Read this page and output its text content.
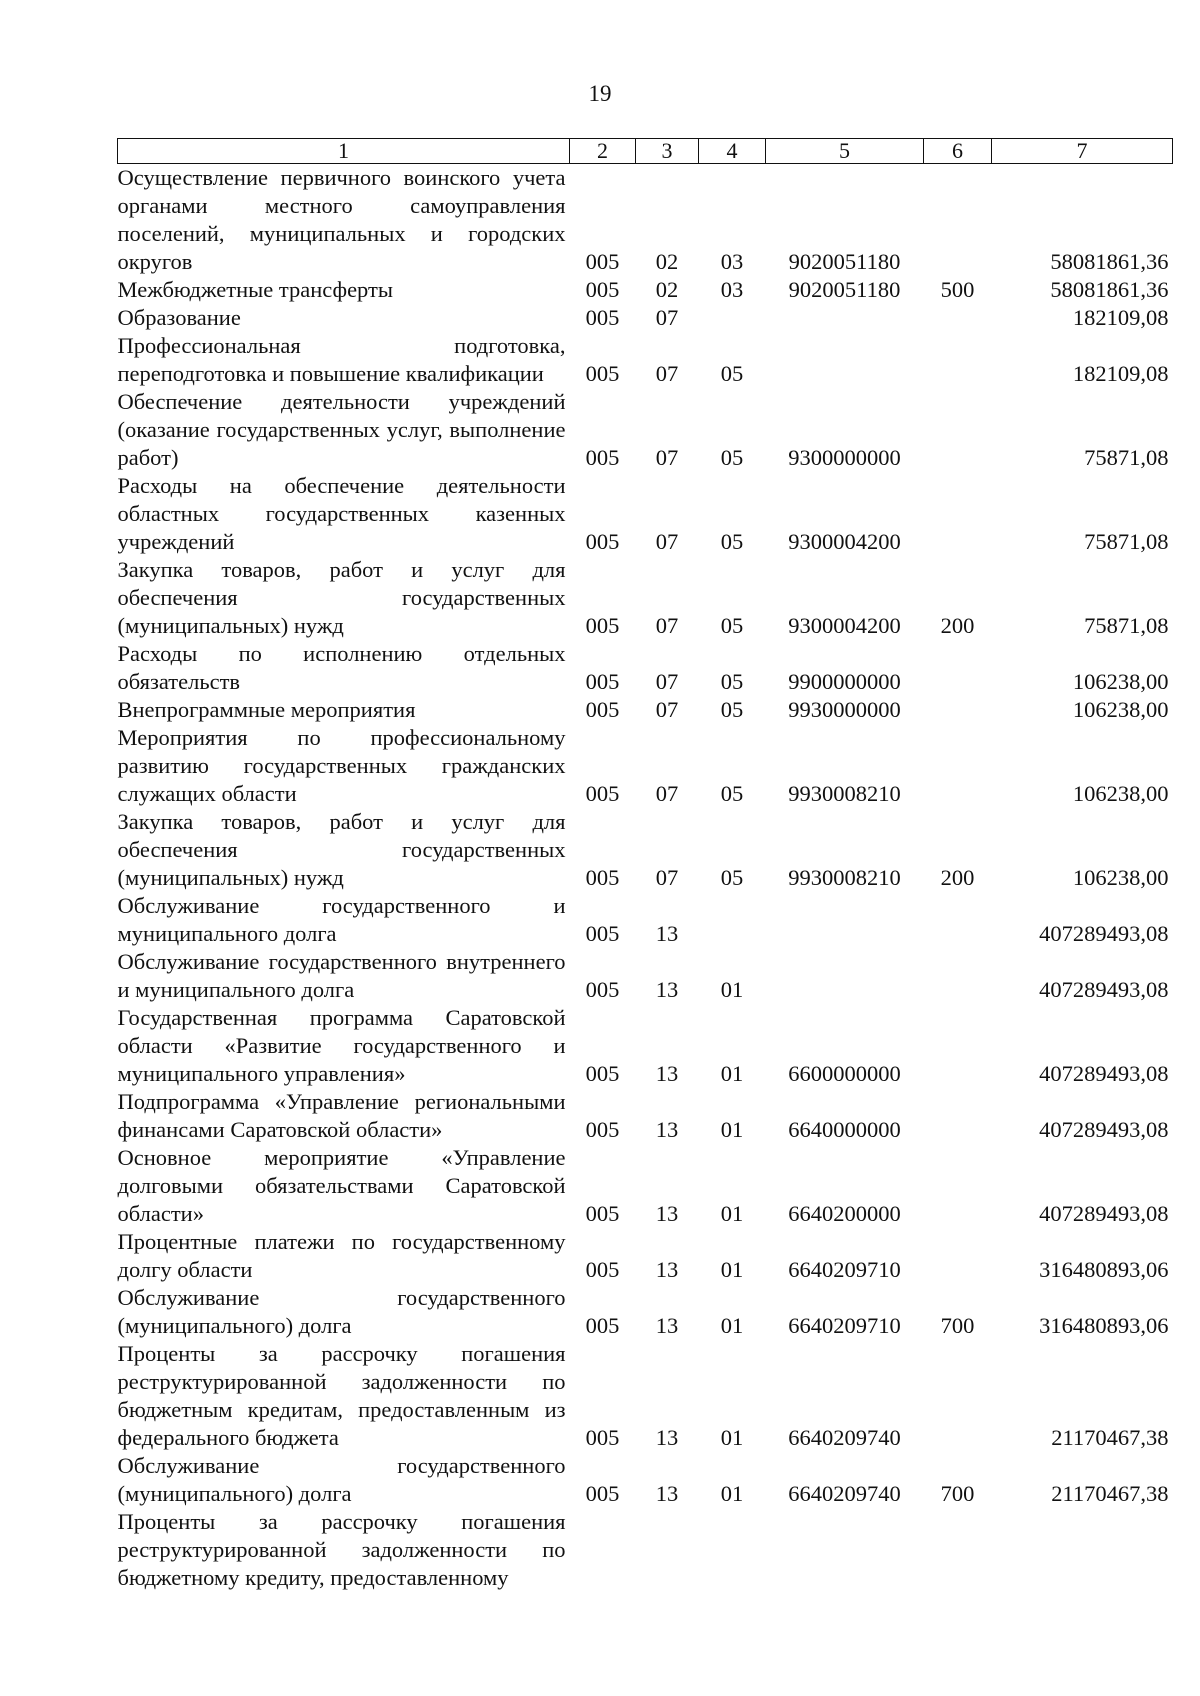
19
1	2	3	4	5	6	7
Осуществление первичного воинского учета органами местного самоуправления поселений, муниципальных и городских округов	005	02	03	9020051180		58081861,36
Межбюджетные трансферты	005	02	03	9020051180	500	58081861,36
Образование	005	07				182109,08
Профессиональная подготовка, переподготовка и повышение квалификации	005	07	05			182109,08
Обеспечение деятельности учреждений (оказание государственных услуг, выполнение работ)	005	07	05	9300000000		75871,08
Расходы на обеспечение деятельности областных государственных казенных учреждений	005	07	05	9300004200		75871,08
Закупка товаров, работ и услуг для обеспечения государственных (муниципальных) нужд	005	07	05	9300004200	200	75871,08
Расходы по исполнению отдельных обязательств	005	07	05	9900000000		106238,00
Внепрограммные мероприятия	005	07	05	9930000000		106238,00
Мероприятия по профессиональному развитию государственных гражданских служащих области	005	07	05	9930008210		106238,00
Закупка товаров, работ и услуг для обеспечения государственных (муниципальных) нужд	005	07	05	9930008210	200	106238,00
Обслуживание государственного и муниципального долга	005	13				407289493,08
Обслуживание государственного внутреннего и муниципального долга	005	13	01			407289493,08
Государственная программа Саратовской области «Развитие государственного и муниципального управления»	005	13	01	6600000000		407289493,08
Подпрограмма «Управление региональными финансами Саратовской области»	005	13	01	6640000000		407289493,08
Основное мероприятие «Управление долговыми обязательствами Саратовской области»	005	13	01	6640200000		407289493,08
Процентные платежи по государственному долгу области	005	13	01	6640209710		316480893,06
Обслуживание государственного (муниципального) долга	005	13	01	6640209710	700	316480893,06
Проценты за рассрочку погашения реструктурированной задолженности по бюджетным кредитам, предоставленным из федерального бюджета	005	13	01	6640209740		21170467,38
Обслуживание государственного (муниципального) долга	005	13	01	6640209740	700	21170467,38
Проценты за рассрочку погашения реструктурированной задолженности по бюджетному кредиту, предоставленному						
